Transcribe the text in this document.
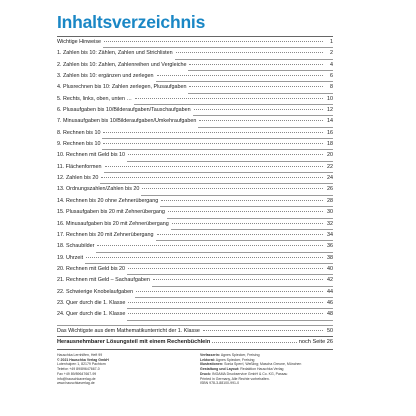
Inhaltsverzeichnis
Wichtige Hinweise	1
1. Zahlen bis 10: Zählen, Zahlen und Strichlisten	2
2. Zahlen bis 10: Zahlen, Zahlenreihen und Vergleiche	4
3. Zahlen bis 10: ergänzen und zerlegen	6
4. Plusrechnen bis 10: Zahlen zerlegen, Plusaufgaben	8
5. Rechts, links, oben, unten …	10
6. Plusaufgaben bis 10/Bilderaufgaben/Tauschaufgaben	12
7. Minusaufgaben bis 10/Bilderaufgaben/Umkehraufgaben	14
8. Rechnen bis 10	16
9. Rechnen bis 10	18
10. Rechnen mit Geld bis 10	20
11. Flächenformen	22
12. Zahlen bis 20	24
13. Ordnungszahlen/Zahlen bis 20	26
14. Rechnen bis 20 ohne Zehnerübergang	28
15. Plusaufgaben bis 20 mit Zehnerübergang	30
16. Minusaufgaben bis 20 mit Zehnerübergang	32
17. Rechnen bis 20 mit Zehnerübergang	34
18. Schaubilder	36
19. Uhrzeit	38
20. Rechnen mit Geld bis 20	40
21. Rechnen mit Geld – Sachaufgaben	42
22. Schwierige Knobelaufgaben	44
23. Quer durch die 1. Klasse	46
24. Quer durch die 1. Klasse	48
Das Wichtigste aus dem Mathematikunterricht der 1. Klasse	50
Herausnehmbarer Lösungsteil mit einem Rechenbüchlein	noch Seite 26
Hauschka Lernhilfen, Heft 99
© 2021 Hauschka Verlag GmbH
Lotenhulpen 1, 82179 Pachtorn
Telefon +49 89/89647667-0
Fax +49 89/89647667-99
info@hauschkaverlag.de
www.hauschkaverlag.de
Verfasserin: Agnes Spiecker, Freising
Lektorat: Agnes Spiecker, Freising
Illustrationen: Sonia Sperrl, Weßling; Mascha Greune, München
Gestaltung und Layout: Redaktion Hauschka Verlag
Druck: INGAMA Druckservice GmbH & Co. KG, Passau
Printed in Germany, Alle Rechte vorbehalten.
ISBN 978-3-88100-991-0
